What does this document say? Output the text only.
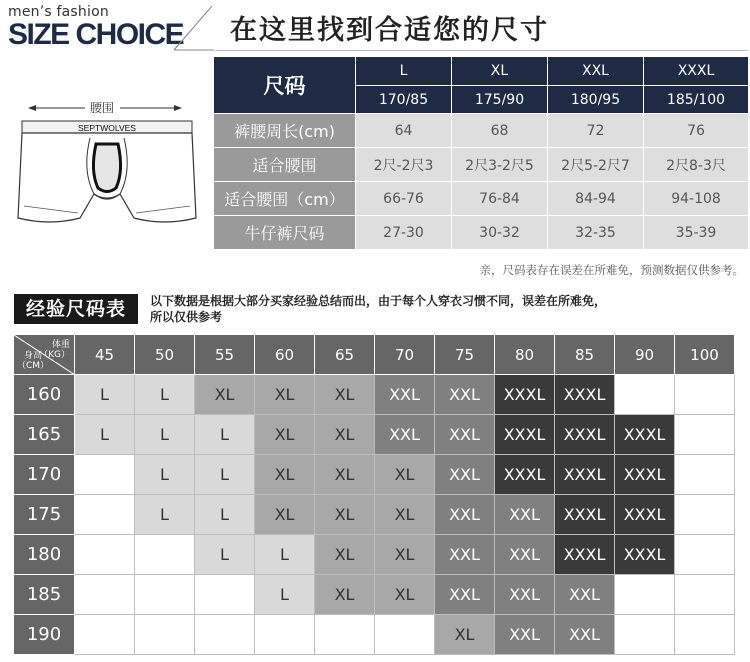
men’s fashion
SIZE CHOICE 在这里找到合适您的尺寸
腰围
SEPTWOLVES
尺码	L	XL	XXL	XXXL
	170/85	175/90	180/95	185/100
裤腰周长(cm)	64	68	72	76
适合腰围	2尺-2尺3	2尺3-2尺5	2尺5-2尺7	2尺8-3尺
适合腰围（cm）	66-76	76-84	84-94	94-108
牛仔裤尺码	27-30	30-32	32-35	35-39
亲，尺码表存在误差在所难免，预测数据仅供参考。
经验尺码表	以下数据是根据大部分买家经验总结而出，由于每个人穿衣习惯不同，误差在所难免，
所以仅供参考
体重
（KG）
身高
（CM）	45	50	55	60	65	70	75	80	85	90	100
160	L	L	XL	XL	XL	XXL	XXL	XXXL	XXXL		
165	L	L	L	XL	XL	XXL	XXL	XXXL	XXXL	XXXL	
170		L	L	XL	XL	XL	XXL	XXXL	XXXL	XXXL	
175		L	L	XL	XL	XL	XXL	XXL	XXXL	XXXL	
180			L	L	XL	XL	XXL	XXL	XXXL	XXXL	
185				L	XL	XL	XXL	XXL	XXL		
190							XL	XXL	XXL		
